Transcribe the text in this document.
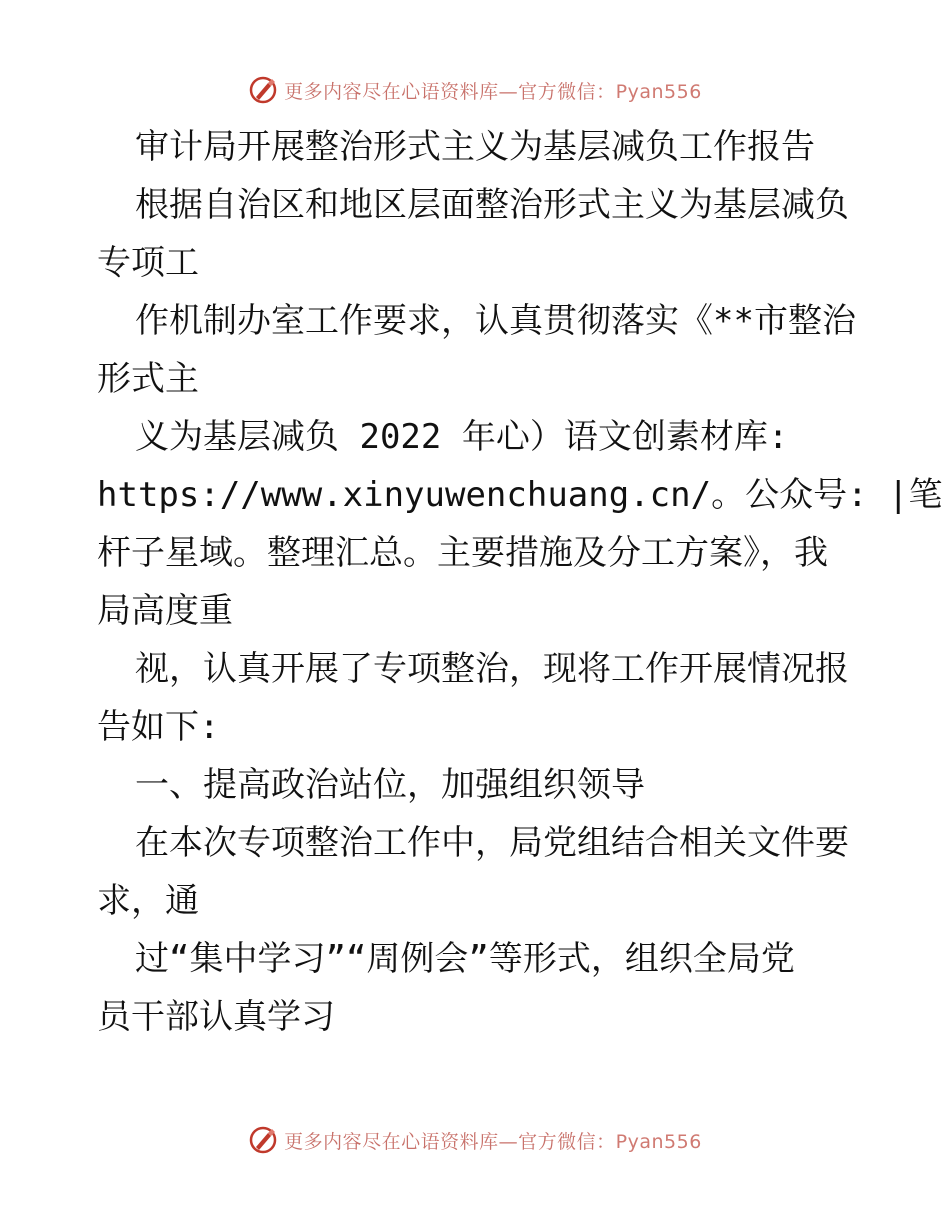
更多内容尽在心语资料库—官方微信：Pyan556
审计局开展整治形式主义为基层减负工作报告
根据自治区和地区层面整治形式主义为基层减负
专项工
作机制办室工作要求，认真贯彻落实《**市整治
形式主
义为基层减负 2022 年心）语文创素材库:
https://www.xinyuwenchuang.cn/。公众号: |笔
杆子星域。整理汇总。主要措施及分工方案》，我
局高度重
视，认真开展了专项整治，现将工作开展情况报
告如下:
一、提高政治站位，加强组织领导
在本次专项整治工作中，局党组结合相关文件要
求，通
过“集中学习”“周例会”等形式，组织全局党
员干部认真学习
更多内容尽在心语资料库—官方微信：Pyan556
